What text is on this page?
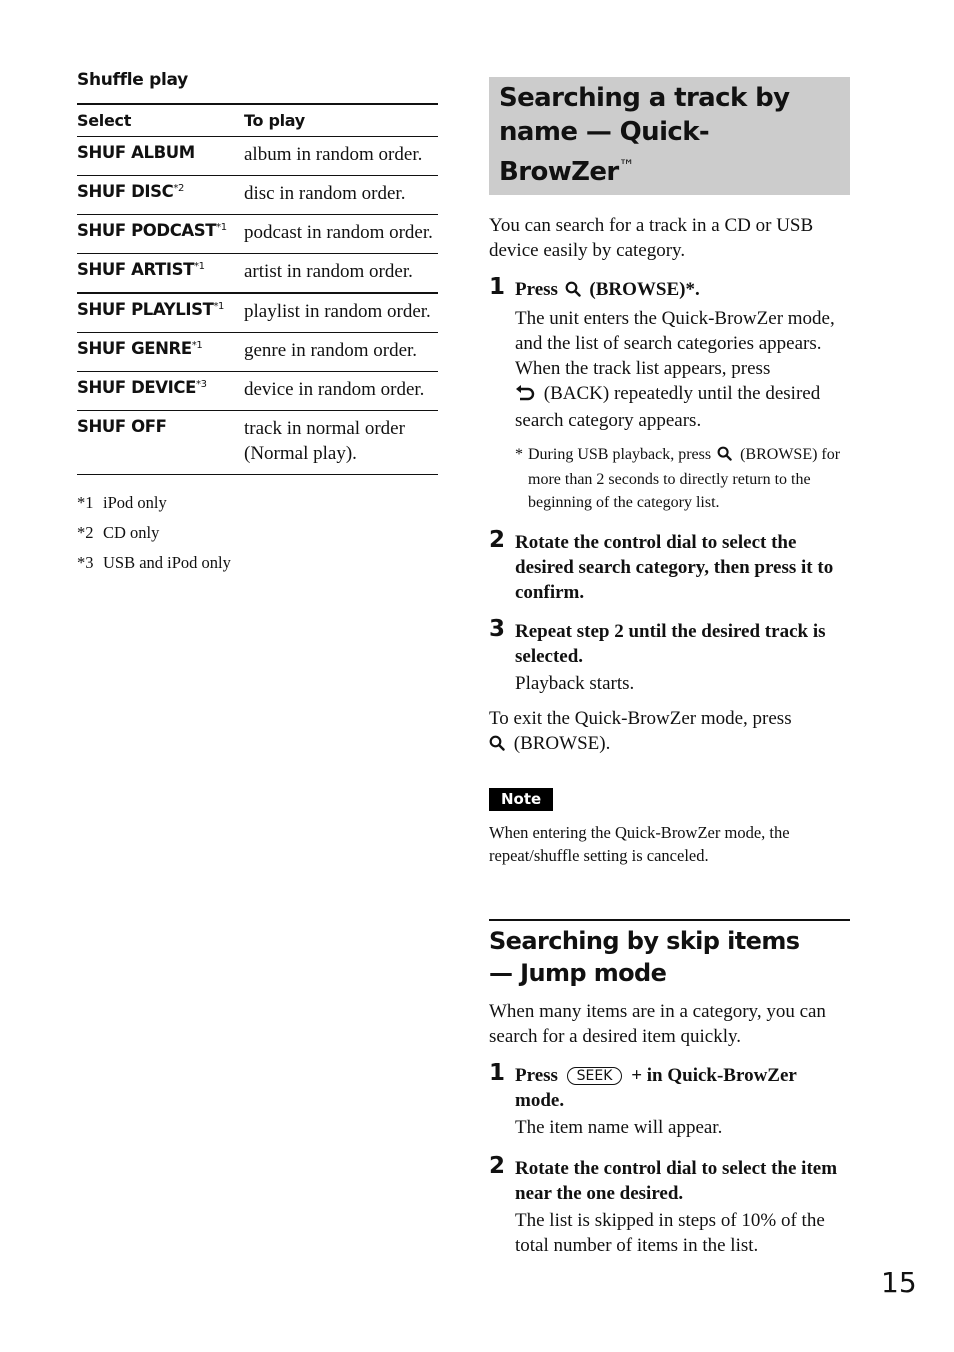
Shuffle play
Select	To play
SHUF ALBUM	album in random order.
SHUF DISC$^{*2}$	disc in random order.
SHUF PODCAST$^{*1}$	podcast in random order.
SHUF ARTIST$^{*1}$	artist in random order.
SHUF PLAYLIST$^{*1}$	playlist in random order.
SHUF GENRE$^{*1}$	genre in random order.
SHUF DEVICE$^{*3}$	device in random order.
SHUF OFF	track in normal order (Normal play).
*1 iPod only
*2 CD only
*3 USB and iPod only
Searching a track by name — Quick-BrowZer™

You can search for a track in a CD or USB device easily by category.

1 Press (BROWSE)*.
The unit enters the Quick-BrowZer mode, and the list of search categories appears.
When the track list appears, press
(BACK) repeatedly until the desired search category appears.
* During USB playback, press (BROWSE) for more than 2 seconds to directly return to the beginning of the category list.
2 Rotate the control dial to select the desired search category, then press it to confirm.
3 Repeat step 2 until the desired track is selected.
Playback starts.

To exit the Quick-BrowZer mode, press
(BROWSE).

Note
When entering the Quick-BrowZer mode, the repeat/shuffle setting is canceled.
Searching by skip items
— Jump mode

When many items are in a category, you can search for a desired item quickly.

1 Press SEEK + in Quick-BrowZer mode.
The item name will appear.
2 Rotate the control dial to select the item near the one desired.
The list is skipped in steps of 10% of the total number of items in the list.
15
